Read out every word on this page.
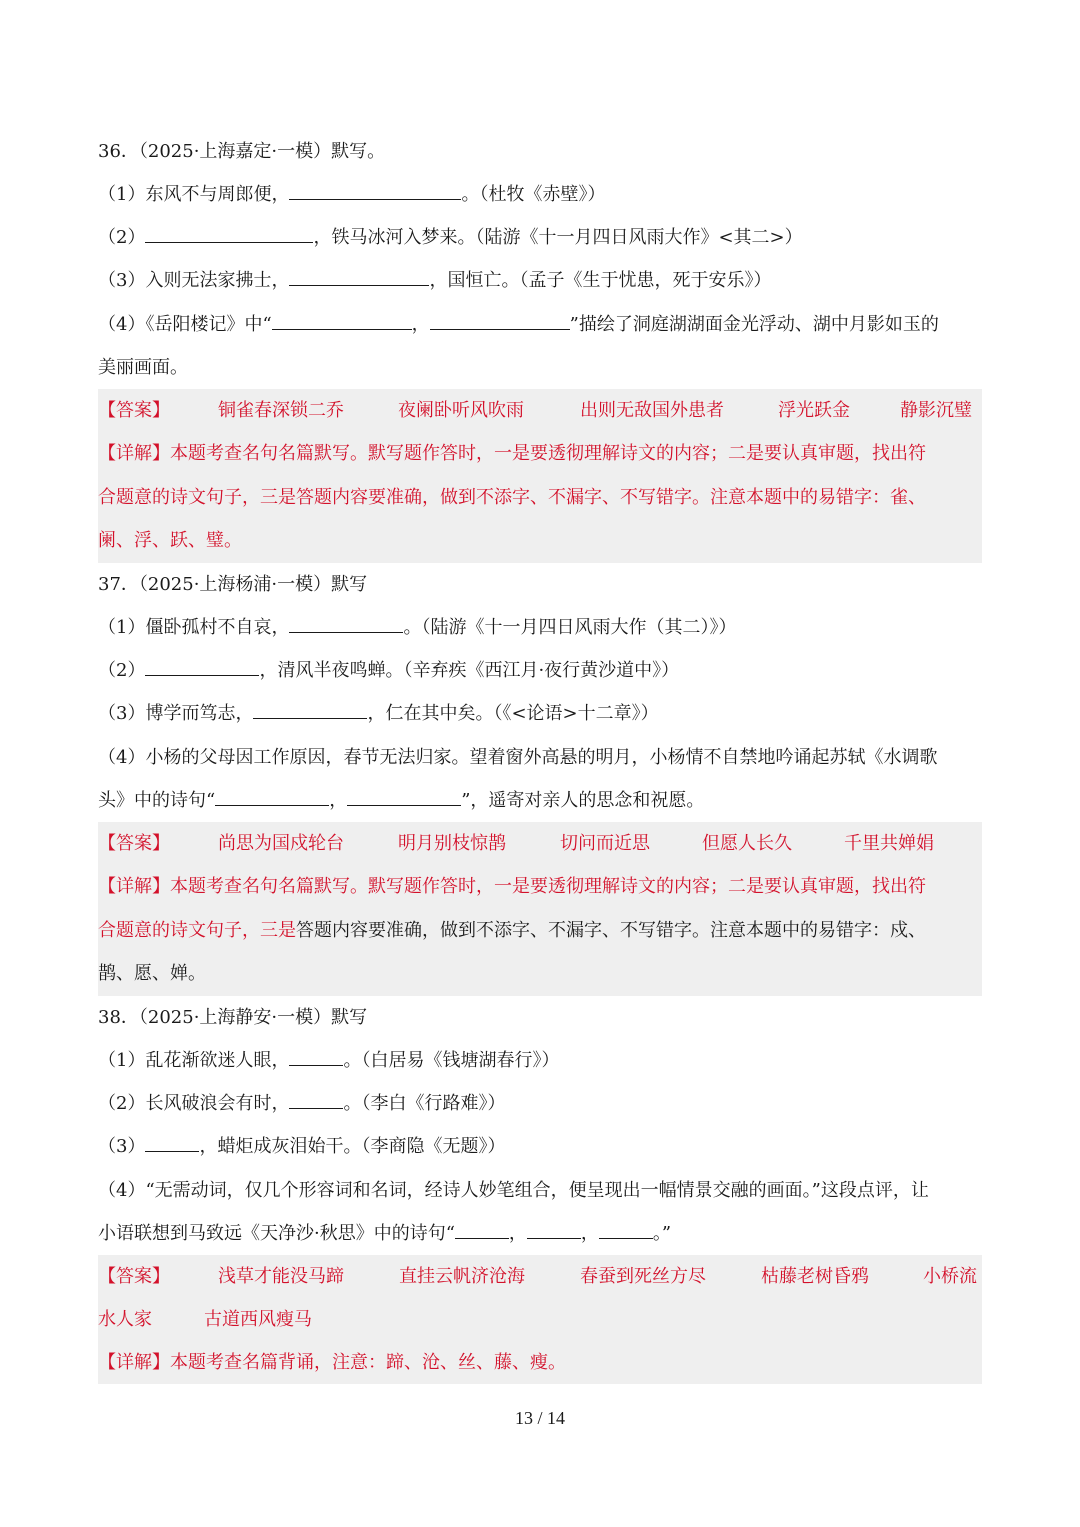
36．（2025·上海嘉定·一模）默写。
（1）东风不与周郎便，	。（杜牧《赤壁》）
（2）	，铁马冰河入梦来。（陆游《十一月四日风雨大作》<其二>）
（3）入则无法家拂士，	，国恒亡。（孟子《生于忧患，死于安乐》）
（4）《岳阳楼记》中“	，	”描绘了洞庭湖湖面金光浮动、湖中月影如玉的
美丽画面。
【答案】	铜雀春深锁二乔	夜阑卧听风吹雨	出则无敌国外患者	浮光跃金	静影沉璧
【详解】本题考查名句名篇默写。默写题作答时，一是要透彻理解诗文的内容；二是要认真审题，找出符
合题意的诗文句子，三是答题内容要准确，做到不添字、不漏字、不写错字。注意本题中的易错字：雀、
阑、浮、跃、璧。
37．（2025·上海杨浦·一模）默写
（1）僵卧孤村不自哀，	。（陆游《十一月四日风雨大作（其二）》）
（2）	，清风半夜鸣蝉。（辛弃疾《西江月·夜行黄沙道中》）
（3）博学而笃志，	，仁在其中矣。（《<论语>十二章》）
（4）小杨的父母因工作原因，春节无法归家。望着窗外高悬的明月，小杨情不自禁地吟诵起苏轼《水调歌
头》中的诗句“	，	”，遥寄对亲人的思念和祝愿。
【答案】	尚思为国戍轮台	明月别枝惊鹊	切问而近思	但愿人长久	千里共婵娟
【详解】本题考查名句名篇默写。默写题作答时，一是要透彻理解诗文的内容；二是要认真审题，找出符
合题意的诗文句子，三是答题内容要准确，做到不添字、不漏字、不写错字。注意本题中的易错字：戍、
鹊、愿、婵。
38．（2025·上海静安·一模）默写
（1）乱花渐欲迷人眼，	。（白居易《钱塘湖春行》）
（2）长风破浪会有时，	。（李白《行路难》）
（3）	，蜡炬成灰泪始干。（李商隐《无题》）
（4）“无需动词，仅几个形容词和名词，经诗人妙笔组合，便呈现出一幅情景交融的画面。”这段点评，让
小语联想到马致远《天净沙·秋思》中的诗句“	，	，	。”
【答案】	浅草才能没马蹄	直挂云帆济沧海	春蚕到死丝方尽	枯藤老树昏鸦	小桥流
水人家	古道西风瘦马
【详解】本题考查名篇背诵，注意：蹄、沧、丝、藤、瘦。
13 / 14
